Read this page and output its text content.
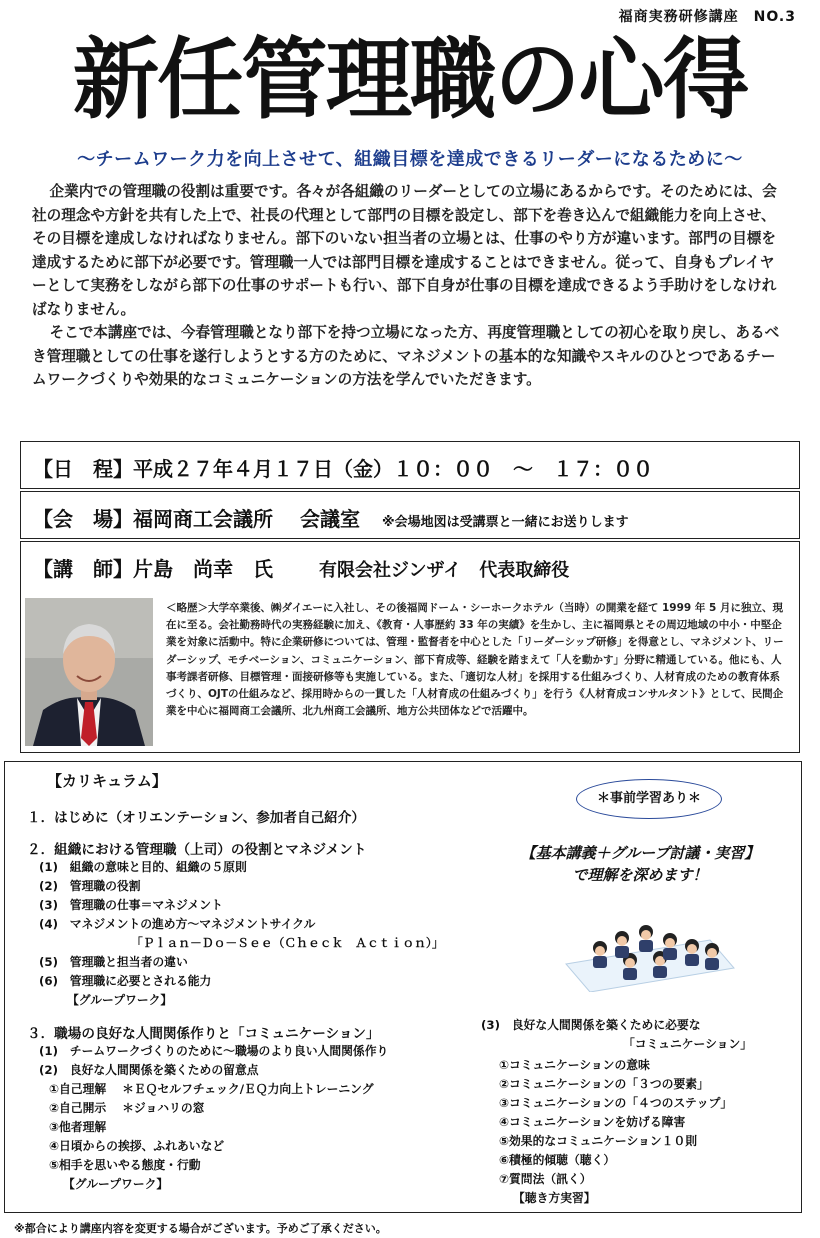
福商実務研修講座　NO.3
新任管理職の心得
～チームワーク力を向上させて、組織目標を達成できるリーダーになるために～

企業内での管理職の役割は重要です。各々が各組織のリーダーとしての立場にあるからです。そのためには、会社の理念や方針を共有した上で、社長の代理として部門の目標を設定し、部下を巻き込んで組織能力を向上させ、その目標を達成しなければなりません。部下のいない担当者の立場とは、仕事のやり方が違います。部門の目標を達成するために部下が必要です。管理職一人では部門目標を達成することはできません。従って、自身もプレイヤーとして実務をしながら部下の仕事のサポートも行い、部下自身が仕事の目標を達成できるよう手助けをしなければなりません。

そこで本講座では、今春管理職となり部下を持つ立場になった方、再度管理職としての初心を取り戻し、あるべき管理職としての仕事を遂行しようとする方のために、マネジメントの基本的な知識やスキルのひとつであるチームワークづくりや効果的なコミュニケーションの方法を学んでいただきます。

【日　程】平成２７年４月１７日（金）１０：００　～　１７：００
【会　場】福岡商工会議所　 会議室 ※会場地図は受講票と一緒にお送りします
【講　師】片島　尚幸　氏	有限会社ジンザイ　代表取締役
＜略歴＞大学卒業後、㈱ダイエーに入社し、その後福岡ドーム・シーホークホテル（当時）の開業を経て 1999 年 5 月に独立、現在に至る。会社勤務時代の実務経験に加え、《教育・人事歴約 33 年の実績》を生かし、主に福岡県とその周辺地域の中小・中堅企業を対象に活動中。特に企業研修については、管理・監督者を中心とした「リーダーシップ研修」を得意とし、マネジメント、リーダーシップ、モチベーション、コミュニケーション、部下育成等、経験を踏まえて「人を動かす」分野に精通している。他にも、人事考課者研修、目標管理・面接研修等も実施している。また、「適切な人材」を採用する仕組みづくり、人材育成のための教育体系づくり、OJTの仕組みなど、採用時からの一貫した「人材育成の仕組みづくり」を行う《人材育成コンサルタント》として、民間企業を中心に福岡商工会議所、北九州商工会議所、地方公共団体などで活躍中。
【カリキュラム】
１．はじめに（オリエンテーション、参加者自己紹介）
２．組織における管理職（上司）の役割とマネジメント
(1)　組織の意味と目的、組織の５原則
(2)　管理職の役割
(3)　管理職の仕事＝マネジメント
(4)　マネジメントの進め方～マネジメントサイクル
「Ｐｌａｎ－Ｄｏ－Ｓｅｅ（Ｃｈｅｃｋ　Ａｃｔｉｏｎ）」
(5)　管理職と担当者の違い
(6)　管理職に必要とされる能力
【グループワーク】
３．職場の良好な人間関係作りと「コミュニケーション」
(1)　チームワークづくりのために～職場のより良い人間関係作り
(2)　良好な人間関係を築くための留意点
①自己理解　 ＊ＥＱセルフチェック/ＥＱ力向上トレーニング
②自己開示　 ＊ジョハリの窓
③他者理解
④日頃からの挨拶、ふれあいなど
⑤相手を思いやる態度・行動
【グループワーク】
(3)　良好な人間関係を築くために必要な
「コミュニケーション」
①コミュニケーションの意味
②コミュニケーションの「３つの要素」
③コミュニケーションの「４つのステップ」
④コミュニケーションを妨げる障害
⑤効果的なコミュニケーション１０則
⑥積極的傾聴（聴く）
⑦質問法（訊く）
【聴き方実習】
＊事前学習あり＊
【基本講義＋グループ討議・実習】
で理解を深めます！
※都合により講座内容を変更する場合がございます。予めご了承ください。
